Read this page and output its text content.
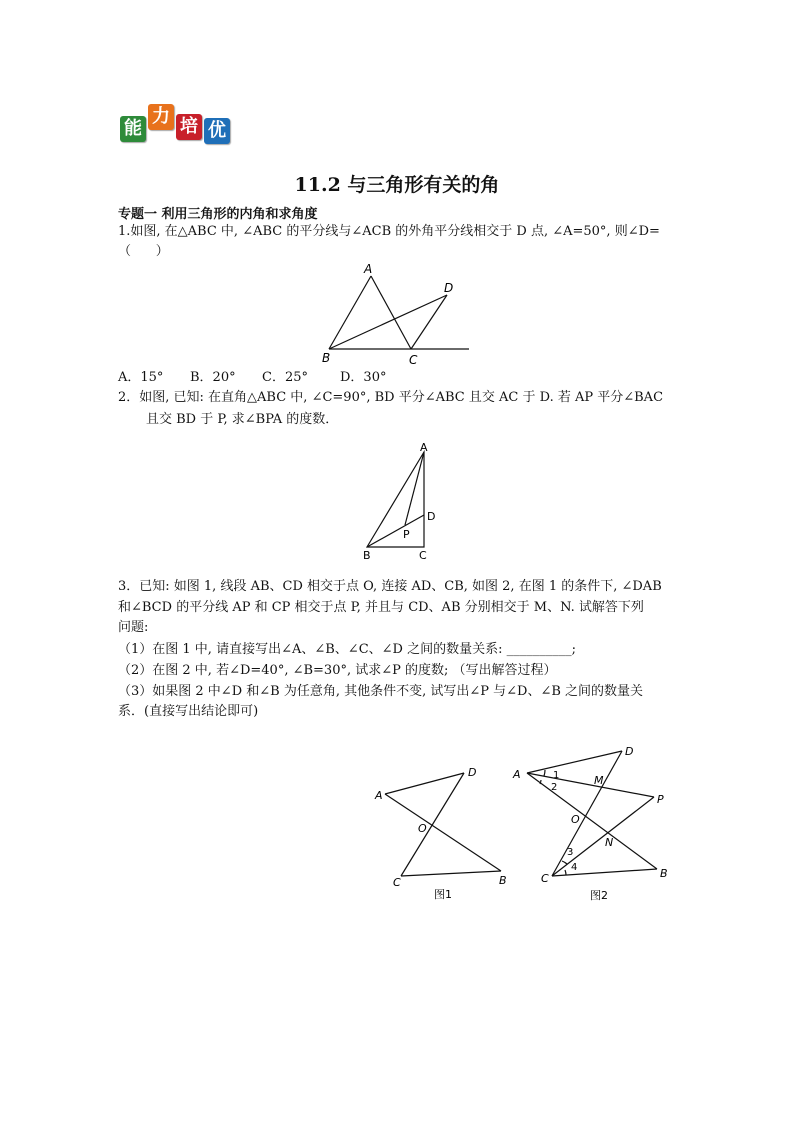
能
力 培 优
11.2 与三角形有关的角
专题一 利用三角形的内角和求角度
1.如图, 在△ABC 中, ∠ABC 的平分线与∠ACB 的外角平分线相交于 D 点, ∠A=50°, 则∠D=
（      ）
A
B	C
D
A．15° B．20° C．25° D．30°
2．如图, 已知: 在直角△ABC 中, ∠C=90°, BD 平分∠ABC 且交 AC 于 D. 若 AP 平分∠BAC
且交 BD 于 P, 求∠BPA 的度数．
A
B	C
D
P
3．已知: 如图 1, 线段 AB、CD 相交于点 O, 连接 AD、CB, 如图 2, 在图 1 的条件下, ∠DAB
和∠BCD 的平分线 AP 和 CP 相交于点 P, 并且与 CD、AB 分别相交于 M、N. 试解答下列
问题:
（1）在图 1 中, 请直接写出∠A、∠B、∠C、∠D 之间的数量关系: __________;
（2）在图 2 中, 若∠D=40°, ∠B=30°, 试求∠P 的度数; （写出解答过程）
（3）如果图 2 中∠D 和∠B 为任意角, 其他条件不变, 试写出∠P 与∠D、∠B 之间的数量关
系．(直接写出结论即可)
A
B
C
D
O
图1
A
B
C
D
O
M
N
P
1
2
3
4
图2
